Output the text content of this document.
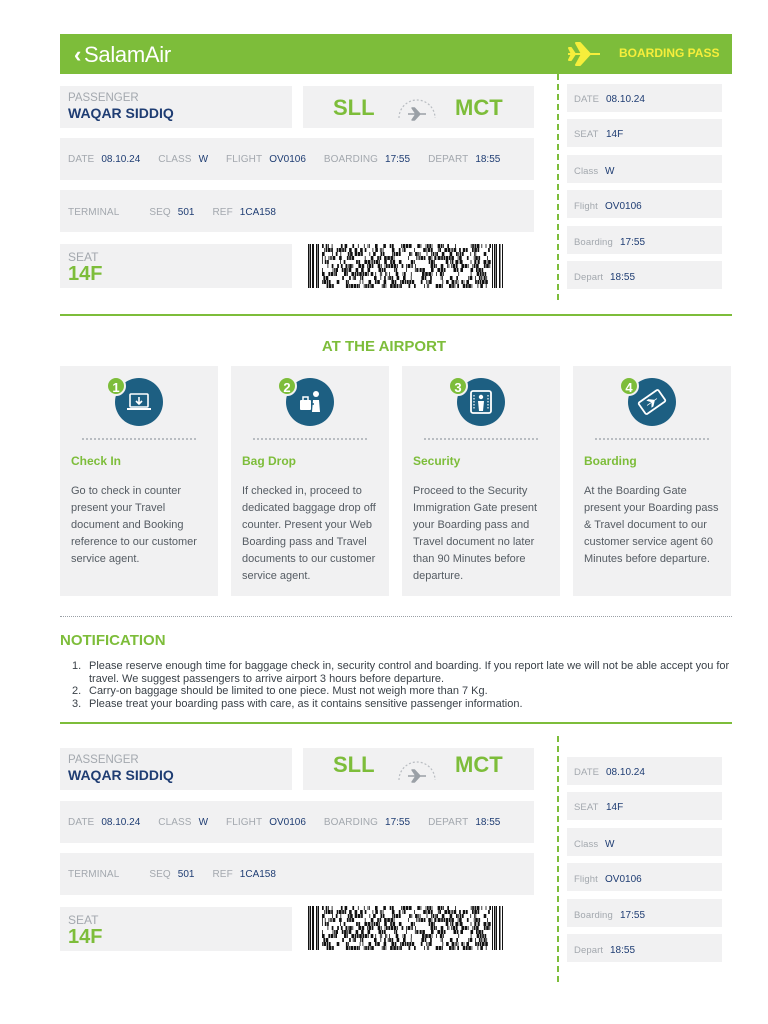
‹ SalamAir	BOARDING PASS
PASSENGER
WAQAR SIDDIQ	SLL	MCT
DATE 08.10.24 CLASS W FLIGHT OV0106 BOARDING 17:55 DEPART 18:55
TERMINAL	SEQ 501 REF 1CA158
SEAT
14F
DATE 08.10.24
SEAT 14F
Class W
Flight OV0106
Boarding 17:55
Depart 18:55
AT THE AIRPORT
1
Check In
Go to check in counter present your Travel document and Booking reference to our customer service agent.
2
Bag Drop
If checked in, proceed to dedicated baggage drop off counter. Present your Web Boarding pass and Travel documents to our customer service agent.
3
Security
Proceed to the Security Immigration Gate present your Boarding pass and Travel document no later than 90 Minutes before departure.
4
Boarding
At the Boarding Gate present your Boarding pass & Travel document to our customer service agent 60 Minutes before departure.
NOTIFICATION
1. Please reserve enough time for baggage check in, security control and boarding. If you report late we will not be able accept you for travel. We suggest passengers to arrive airport 3 hours before departure.
2. Carry-on baggage should be limited to one piece. Must not weigh more than 7 Kg.
3. Please treat your boarding pass with care, as it contains sensitive passenger information.
PASSENGER
WAQAR SIDDIQ	SLL	MCT
DATE 08.10.24 CLASS W FLIGHT OV0106 BOARDING 17:55 DEPART 18:55
TERMINAL	SEQ 501 REF 1CA158
SEAT
14F
DATE 08.10.24
SEAT 14F
Class W
Flight OV0106
Boarding 17:55
Depart 18:55
